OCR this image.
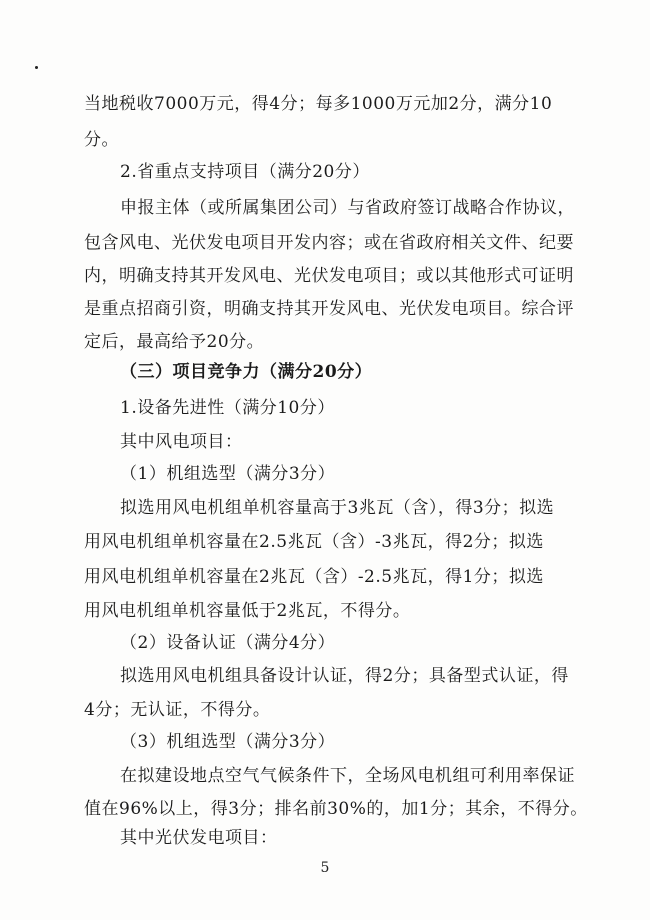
当地税收7000万元，得4分；每多1000万元加2分，满分10
分。
2.省重点支持项目（满分20分）
申报主体（或所属集团公司）与省政府签订战略合作协议，
包含风电、光伏发电项目开发内容；或在省政府相关文件、纪要
内，明确支持其开发风电、光伏发电项目；或以其他形式可证明
是重点招商引资，明确支持其开发风电、光伏发电项目。综合评
定后，最高给予20分。
（三）项目竞争力（满分20分）
1.设备先进性（满分10分）
其中风电项目：
（1）机组选型（满分3分）
拟选用风电机组单机容量高于3兆瓦（含），得3分；拟选
用风电机组单机容量在2.5兆瓦（含）-3兆瓦，得2分；拟选
用风电机组单机容量在2兆瓦（含）-2.5兆瓦，得1分；拟选
用风电机组单机容量低于2兆瓦，不得分。
（2）设备认证（满分4分）
拟选用风电机组具备设计认证，得2分；具备型式认证，得
4分；无认证，不得分。
（3）机组选型（满分3分）
在拟建设地点空气气候条件下，全场风电机组可利用率保证
值在96%以上，得3分；排名前30%的，加1分；其余，不得分。
其中光伏发电项目：
5
